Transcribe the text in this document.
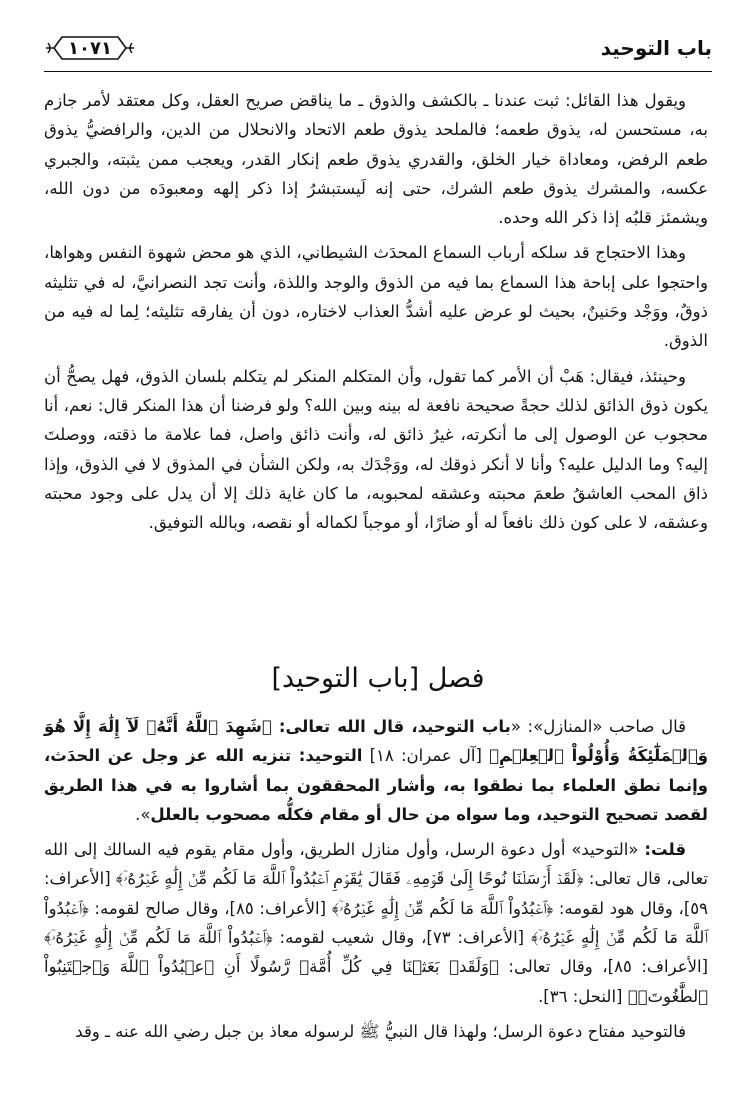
باب التوحيد
١٠٧١

ويقول هذا القائل: ثبت عندنا ـ بالكشف والذوق ـ ما يناقض صريح العقل، وكل معتقد لأمر جازم به، مستحسن له، يذوق طعمه؛ فالملحد يذوق طعم الاتحاد والانحلال من الدين، والرافضيُّ يذوق طعم الرفض، ومعاداة خيار الخلق، والقدري يذوق طعم إنكار القدر، ويعجب ممن يثبته، والجبري عكسه، والمشرك يذوق طعم الشرك، حتى إنه لَيستبشرُ إذا ذكر إلهه ومعبودَه من دون الله، ويشمئز قلبُه إذا ذكر الله وحده.

وهذا الاحتجاج قد سلكه أرباب السماع المحدَث الشيطاني، الذي هو محض شهوة النفس وهواها، واحتجوا على إباحة هذا السماع بما فيه من الذوق والوجد واللذة، وأنت تجد النصرانيَّ، له في تثليثه ذوقٌ، ووَجْد وحَنينٌ، بحيث لو عرض عليه أشدُّ العذاب لاختاره، دون أن يفارقه تثليثه؛ لِما له فيه من الذوق.

وحينئذ، فيقال: هَبْ أن الأمر كما تقول، وأن المتكلم المنكر لم يتكلم بلسان الذوق، فهل يصحُّ أن يكون ذوق الذائق لذلك حجةً صحيحة نافعة له بينه وبين الله؟ ولو فرضنا أن هذا المنكر قال: نعم، أنا محجوب عن الوصول إلى ما أنكرته، غيرُ ذائق له، وأنت ذائق واصل، فما علامة ما ذقته، ووصلتَ إليه؟ وما الدليل عليه؟ وأنا لا أنكر ذوقك له، ووَجْدَك به، ولكن الشأن في المذوق لا في الذوق، وإذا ذاق المحب العاشقُ طعمَ محبته وعشقه لمحبوبه، ما كان غاية ذلك إلا أن يدل على وجود محبته وعشقه، لا على كون ذلك نافعاً له أو ضارًا، أو موجباً لكماله أو نقصه، وبالله التوفيق.

فصل [باب التوحيد]

قال صاحب «المنازل»: «باب التوحيد، قال الله تعالى: ﴿شَهِدَ ٱللَّهُ أَنَّهُۥ لَآ إِلَٰهَ إِلَّا هُوَ وَٱلۡمَلَٰٓئِكَةُ وَأُوْلُواْ ٱلۡعِلۡمِ﴾ [آل عمران: ١٨] التوحيد: تنزيه الله عز وجل عن الحدَث، وإنما نطق العلماء بما نطقوا به، وأشار المحققون بما أشاروا به في هذا الطريق لقصد تصحيح التوحيد، وما سواه من حال أو مقام فكلُّه مصحوب بالعلل».

قلت: «التوحيد» أول دعوة الرسل، وأول منازل الطريق، وأول مقام يقوم فيه السالك إلى الله تعالى، قال تعالى: ﴿لَقَدۡ أَرۡسَلۡنَا نُوحًا إِلَىٰ قَوۡمِهِۦ فَقَالَ يَٰقَوۡمِ ٱعۡبُدُواْ ٱللَّهَ مَا لَكُم مِّنۡ إِلَٰهٍ غَيۡرُهُۥٓ﴾ [الأعراف: ٥٩]، وقال هود لقومه: ﴿ٱعۡبُدُواْ ٱللَّهَ مَا لَكُم مِّنۡ إِلَٰهٍ غَيۡرُهُۥٓ﴾ [الأعراف: ٨٥]، وقال صالح لقومه: ﴿ٱعۡبُدُواْ ٱللَّهَ مَا لَكُم مِّنۡ إِلَٰهٍ غَيۡرُهُۥٓ﴾ [الأعراف: ٧٣]، وقال شعيب لقومه: ﴿ٱعۡبُدُواْ ٱللَّهَ مَا لَكُم مِّنۡ إِلَٰهٍ غَيۡرُهُۥٓ﴾ [الأعراف: ٨٥]، وقال تعالى: ﴿وَلَقَدۡ بَعَثۡنَا فِي كُلِّ أُمَّةٖ رَّسُولًا أَنِ ٱعۡبُدُواْ ٱللَّهَ وَٱجۡتَنِبُواْ ٱلطَّٰغُوتَۖ﴾ [النحل: ٣٦].

فالتوحيد مفتاح دعوة الرسل؛ ولهذا قال النبيُّ ﷺ لرسوله معاذ بن جبل رضي الله عنه ـ وقد
